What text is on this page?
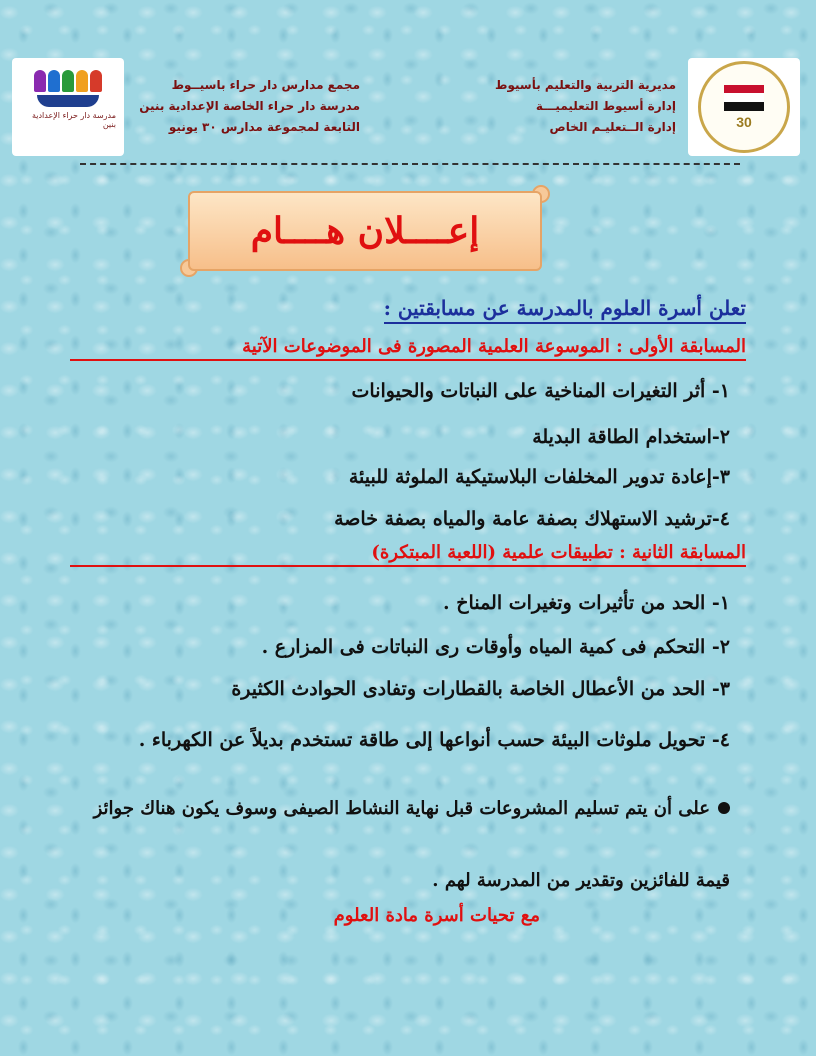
30
مديرية التربية والتعليم بأسيوط
إدارة أسيوط التعليميـــة
إدارة الــتعليـم الخاص
مجمع مدارس دار حراء باسيــوط
مدرسة دار حراء الخاصة الإعدادية بنين
التابعة لمجموعة مدارس ٣٠ يونيو
مدرسة دار حراء الإعدادية بنين
إعــــلان هــــام
تعلن أسرة العلوم بالمدرسة عن مسابقتين :
المسابقة الأولى : الموسوعة العلمية المصورة فى الموضوعات الآتية
١- أثر التغيرات المناخية على النباتات والحيوانات
٢-استخدام الطاقة البديلة
٣-إعادة تدوير المخلفات البلاستيكية الملوثة للبيئة
٤-ترشيد الاستهلاك بصفة عامة والمياه بصفة خاصة
المسابقة الثانية : تطبيقات علمية (اللعبة المبتكرة)
١- الحد من تأثيرات وتغيرات المناخ .
٢- التحكم فى كمية المياه وأوقات رى النباتات فى المزارع .
٣- الحد من الأعطال الخاصة بالقطارات وتفادى الحوادث الكثيرة
٤- تحويل ملوثات البيئة حسب أنواعها إلى طاقة تستخدم بديلاً عن الكهرباء .
على أن يتم تسليم المشروعات قبل نهاية النشاط الصيفى وسوف يكون هناك جوائز
قيمة للفائزين وتقدير من المدرسة لهم .
مع تحيات أسرة مادة العلوم
